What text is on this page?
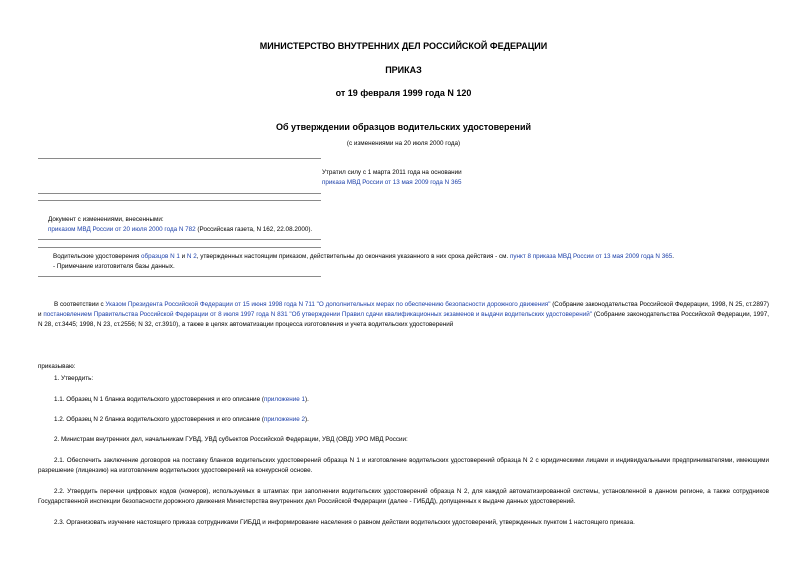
МИНИСТЕРСТВО ВНУТРЕННИХ ДЕЛ РОССИЙСКОЙ ФЕДЕРАЦИИ
ПРИКАЗ
от 19 февраля 1999 года N 120
Об утверждении образцов водительских удостоверений
(с изменениями на 20 июля 2000 года)
Утратил силу с 1 марта 2011 года на основании
приказа МВД России от 13 мая 2009 года N 365
Документ с изменениями, внесенными:
приказом МВД России от 20 июля 2000 года N 782 (Российская газета, N 162, 22.08.2000).
Водительские удостоверения образцов N 1 и N 2, утвержденных настоящим приказом, действительны до окончания указанного в них срока действия - см. пункт 8 приказа МВД России от 13 мая 2009 года N 365.
- Примечание изготовителя базы данных.
В соответствии с Указом Президента Российской Федерации от 15 июня 1998 года N 711 "О дополнительных мерах по обеспечению безопасности дорожного движения" (Собрание законодательства Российской Федерации, 1998, N 25, ст.2897) и постановлением Правительства Российской Федерации от 8 июля 1997 года N 831 "Об утверждении Правил сдачи квалификационных экзаменов и выдачи водительских удостоверений" (Собрание законодательства Российской Федерации, 1997, N 28, ст.3445; 1998, N 23, ст.2556; N 32, ст.3910), а также в целях автоматизации процесса изготовления и учета водительских удостоверений
приказываю:
1. Утвердить:
1.1. Образец N 1 бланка водительского удостоверения и его описание (приложение 1).
1.2. Образец N 2 бланка водительского удостоверения и его описание (приложение 2).
2. Министрам внутренних дел, начальникам ГУВД, УВД субъектов Российской Федерации, УВД (ОВД) УРО МВД России:
2.1. Обеспечить заключение договоров на поставку бланков водительских удостоверений образца N 1 и изготовление водительских удостоверений образца N 2 с юридическими лицами и индивидуальными предпринимателями, имеющими разрешение (лицензию) на изготовление водительских удостоверений на конкурсной основе.
2.2. Утвердить перечни цифровых кодов (номеров), используемых в штампах при заполнении водительских удостоверений образца N 2, для каждой автоматизированной системы, установленной в данном регионе, а также сотрудников Государственной инспекции безопасности дорожного движения Министерства внутренних дел Российской Федерации (далее - ГИБДД), допущенных к выдаче данных удостоверений.
2.3. Организовать изучение настоящего приказа сотрудниками ГИБДД и информирование населения о равном действии водительских удостоверений, утвержденных пунктом 1 настоящего приказа.
